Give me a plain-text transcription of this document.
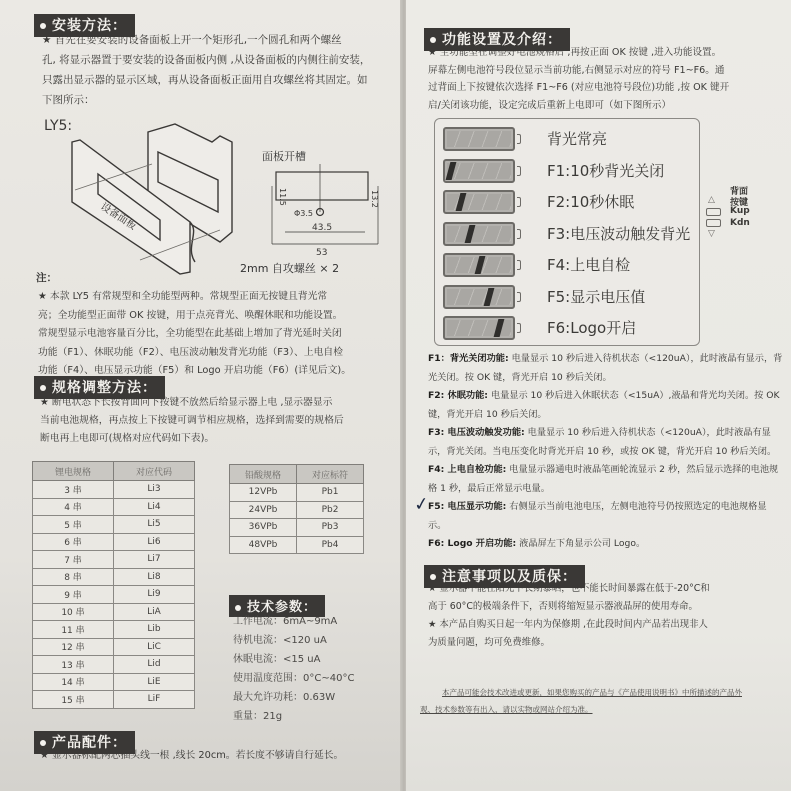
安装方法：
★ 首先在要安装的设备面板上开一个矩形孔,一个圆孔和两个螺丝
孔, 将显示器置于要安装的设备面板内侧 ,从设备面板的内侧往前安装，
只露出显示器的显示区域，再从设备面板正面用自攻螺丝将其固定。如
下图所示：
LY5:
设备面板
11.5	13.2
Φ3.5
43.5
53
面板开槽
2mm 自攻螺丝 × 2
注：
★ 本款 LY5 有常规型和全功能型两种。常规型正面无按键且背光常
亮；全功能型正面带 OK 按键，用于点亮背光、唤醒休眠和功能设置。
常规型显示电池容量百分比，全功能型在此基础上增加了背光延时关闭
功能（F1）、休眠功能（F2）、电压波动触发背光功能（F3）、上电自检
功能（F4）、电压显示功能（F5）和 Logo 开启功能（F6）(详见后文)。
规格调整方法：
★ 断电状态下长按背面向下按键不放然后给显示器上电 ,显示器显示
当前电池规格，再点按上下按键可调节相应规格，选择到需要的规格后
断电再上电即可(规格对应代码如下表)。
锂电规格	对应代码
3 串	Li3
4 串	Li4
5 串	Li5
6 串	Li6
7 串	Li7
8 串	Li8
9 串	Li9
10 串	LiA
11 串	Lib
12 串	LiC
13 串	Lid
14 串	LiE
15 串	LiF
铅酸规格	对应标符
12VPb	Pb1
24VPb	Pb2
36VPb	Pb3
48VPb	Pb4
技术参数：
工作电流：6mA~9mA
待机电流：<120 uA
休眠电流：<15 uA
使用温度范围：0°C~40°C
最大允许功耗：0.63W
重量：21g
产品配件：
★ 显示器标配两芯插头线一根 ,线长 20cm。若长度不够请自行延长。
功能设置及介绍：
★ 全功能型在调整好电池规格后 ,再按正面 OK 按键 ,进入功能设置。
屏幕左侧电池符号段位显示当前功能,右侧显示对应的符号 F1~F6。通
过背面上下按键依次选择 F1~F6 (对应电池符号段位)功能 ,按 OK 键开
启/关闭该功能，设定完成后重新上电即可（如下图所示）
背光常亮
F1:10秒背光关闭
F2:10秒休眠
F3:电压波动触发背光
F4:上电自检
F5:显示电压值
F6:Logo开启
背面
按键
△
Kup
Kdn
▽
F1：背光关闭功能: 电量显示 10 秒后进入待机状态（<120uA），此时液晶有显示，背光关闭。按 OK 键，背光开启 10 秒后关闭。
F2: 休眠功能: 电量显示 10 秒后进入休眠状态（<15uA）,液晶和背光均关闭。按 OK 键，背光开启 10 秒后关闭。
F3: 电压波动触发功能: 电量显示 10 秒后进入待机状态（<120uA），此时液晶有显示，背光关闭。当电压变化时背光开启 10 秒，或按 OK 键，背光开启 10 秒后关闭。
F4: 上电自检功能: 电量显示器通电时液晶笔画轮流显示 2 秒，然后显示选择的电池规格 1 秒，最后正常显示电量。
F5: 电压显示功能: 右侧显示当前电池电压，左侧电池符号仍按照选定的电池规格显示。
F6: Logo 开启功能: 液晶屏左下角显示公司 Logo。
✓
注意事项以及质保：
★ 显示器不能在阳光下长期暴晒，也不能长时间暴露在低于-20°C和
高于 60°C的极端条件下，否则将缩短显示器液晶屏的使用寿命。
★ 本产品自购买日起一年内为保修期 ,在此段时间内产品若出现非人
为质量问题，均可免费维修。
本产品可能会技术改进或更新，如果您购买的产品与《产品使用说明书》中所描述的产品外
观、技术参数等有出入，请以实物或网站介绍为准。
